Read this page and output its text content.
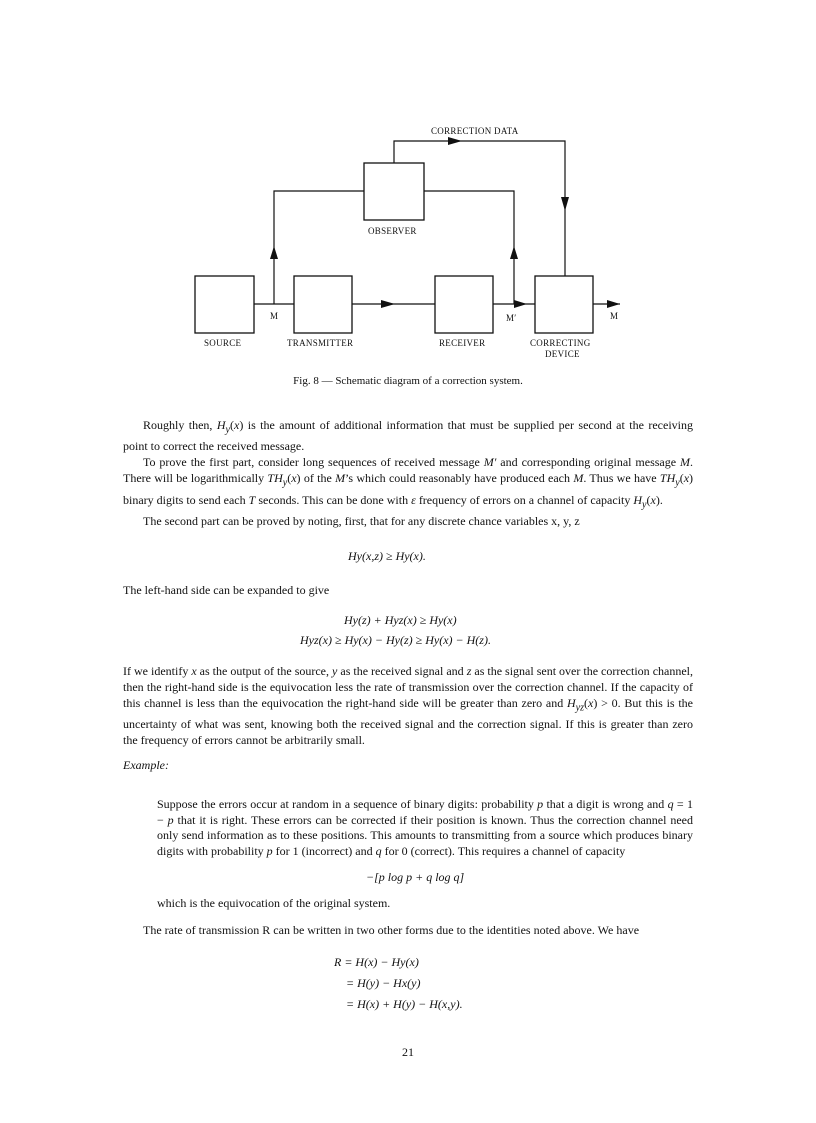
CORRECTION DATA
OBSERVER
M	M′	M
SOURCE	TRANSMITTER	RECEIVER	CORRECTING
DEVICE
Fig. 8 — Schematic diagram of a correction system.

Roughly then, $H_y(x)$ is the amount of additional information that must be supplied per second at the receiving point to correct the received message.

To prove the first part, consider long sequences of received message M′ and corresponding original message M. There will be logarithmically $TH_y(x)$ of the M’s which could reasonably have produced each M. Thus we have $TH_y(x)$ binary digits to send each T seconds. This can be done with ε frequency of errors on a channel of capacity $H_y(x)$.

The second part can be proved by noting, first, that for any discrete chance variables x, y, z

Hy(x,z) ≥ Hy(x).
The left-hand side can be expanded to give
Hy(z) + Hyz(x) ≥ Hy(x)
Hyz(x) ≥ Hy(x) − Hy(z) ≥ Hy(x) − H(z).

If we identify x as the output of the source, y as the received signal and z as the signal sent over the correction channel, then the right-hand side is the equivocation less the rate of transmission over the correction channel. If the capacity of this channel is less than the equivocation the right-hand side will be greater than zero and $H_{yz}(x) > 0$. But this is the uncertainty of what was sent, knowing both the received signal and the correction signal. If this is greater than zero the frequency of errors cannot be arbitrarily small.

Example:

Suppose the errors occur at random in a sequence of binary digits: probability p that a digit is wrong and q = 1 − p that it is right. These errors can be corrected if their position is known. Thus the correction channel need only send information as to these positions. This amounts to transmitting from a source which produces binary digits with probability p for 1 (incorrect) and q for 0 (correct). This requires a channel of capacity

−[p log p + q log q]
which is the equivocation of the original system.

The rate of transmission R can be written in two other forms due to the identities noted above. We have

R = H(x) − Hy(x)
= H(y) − Hx(y)
= H(x) + H(y) − H(x,y).
21
